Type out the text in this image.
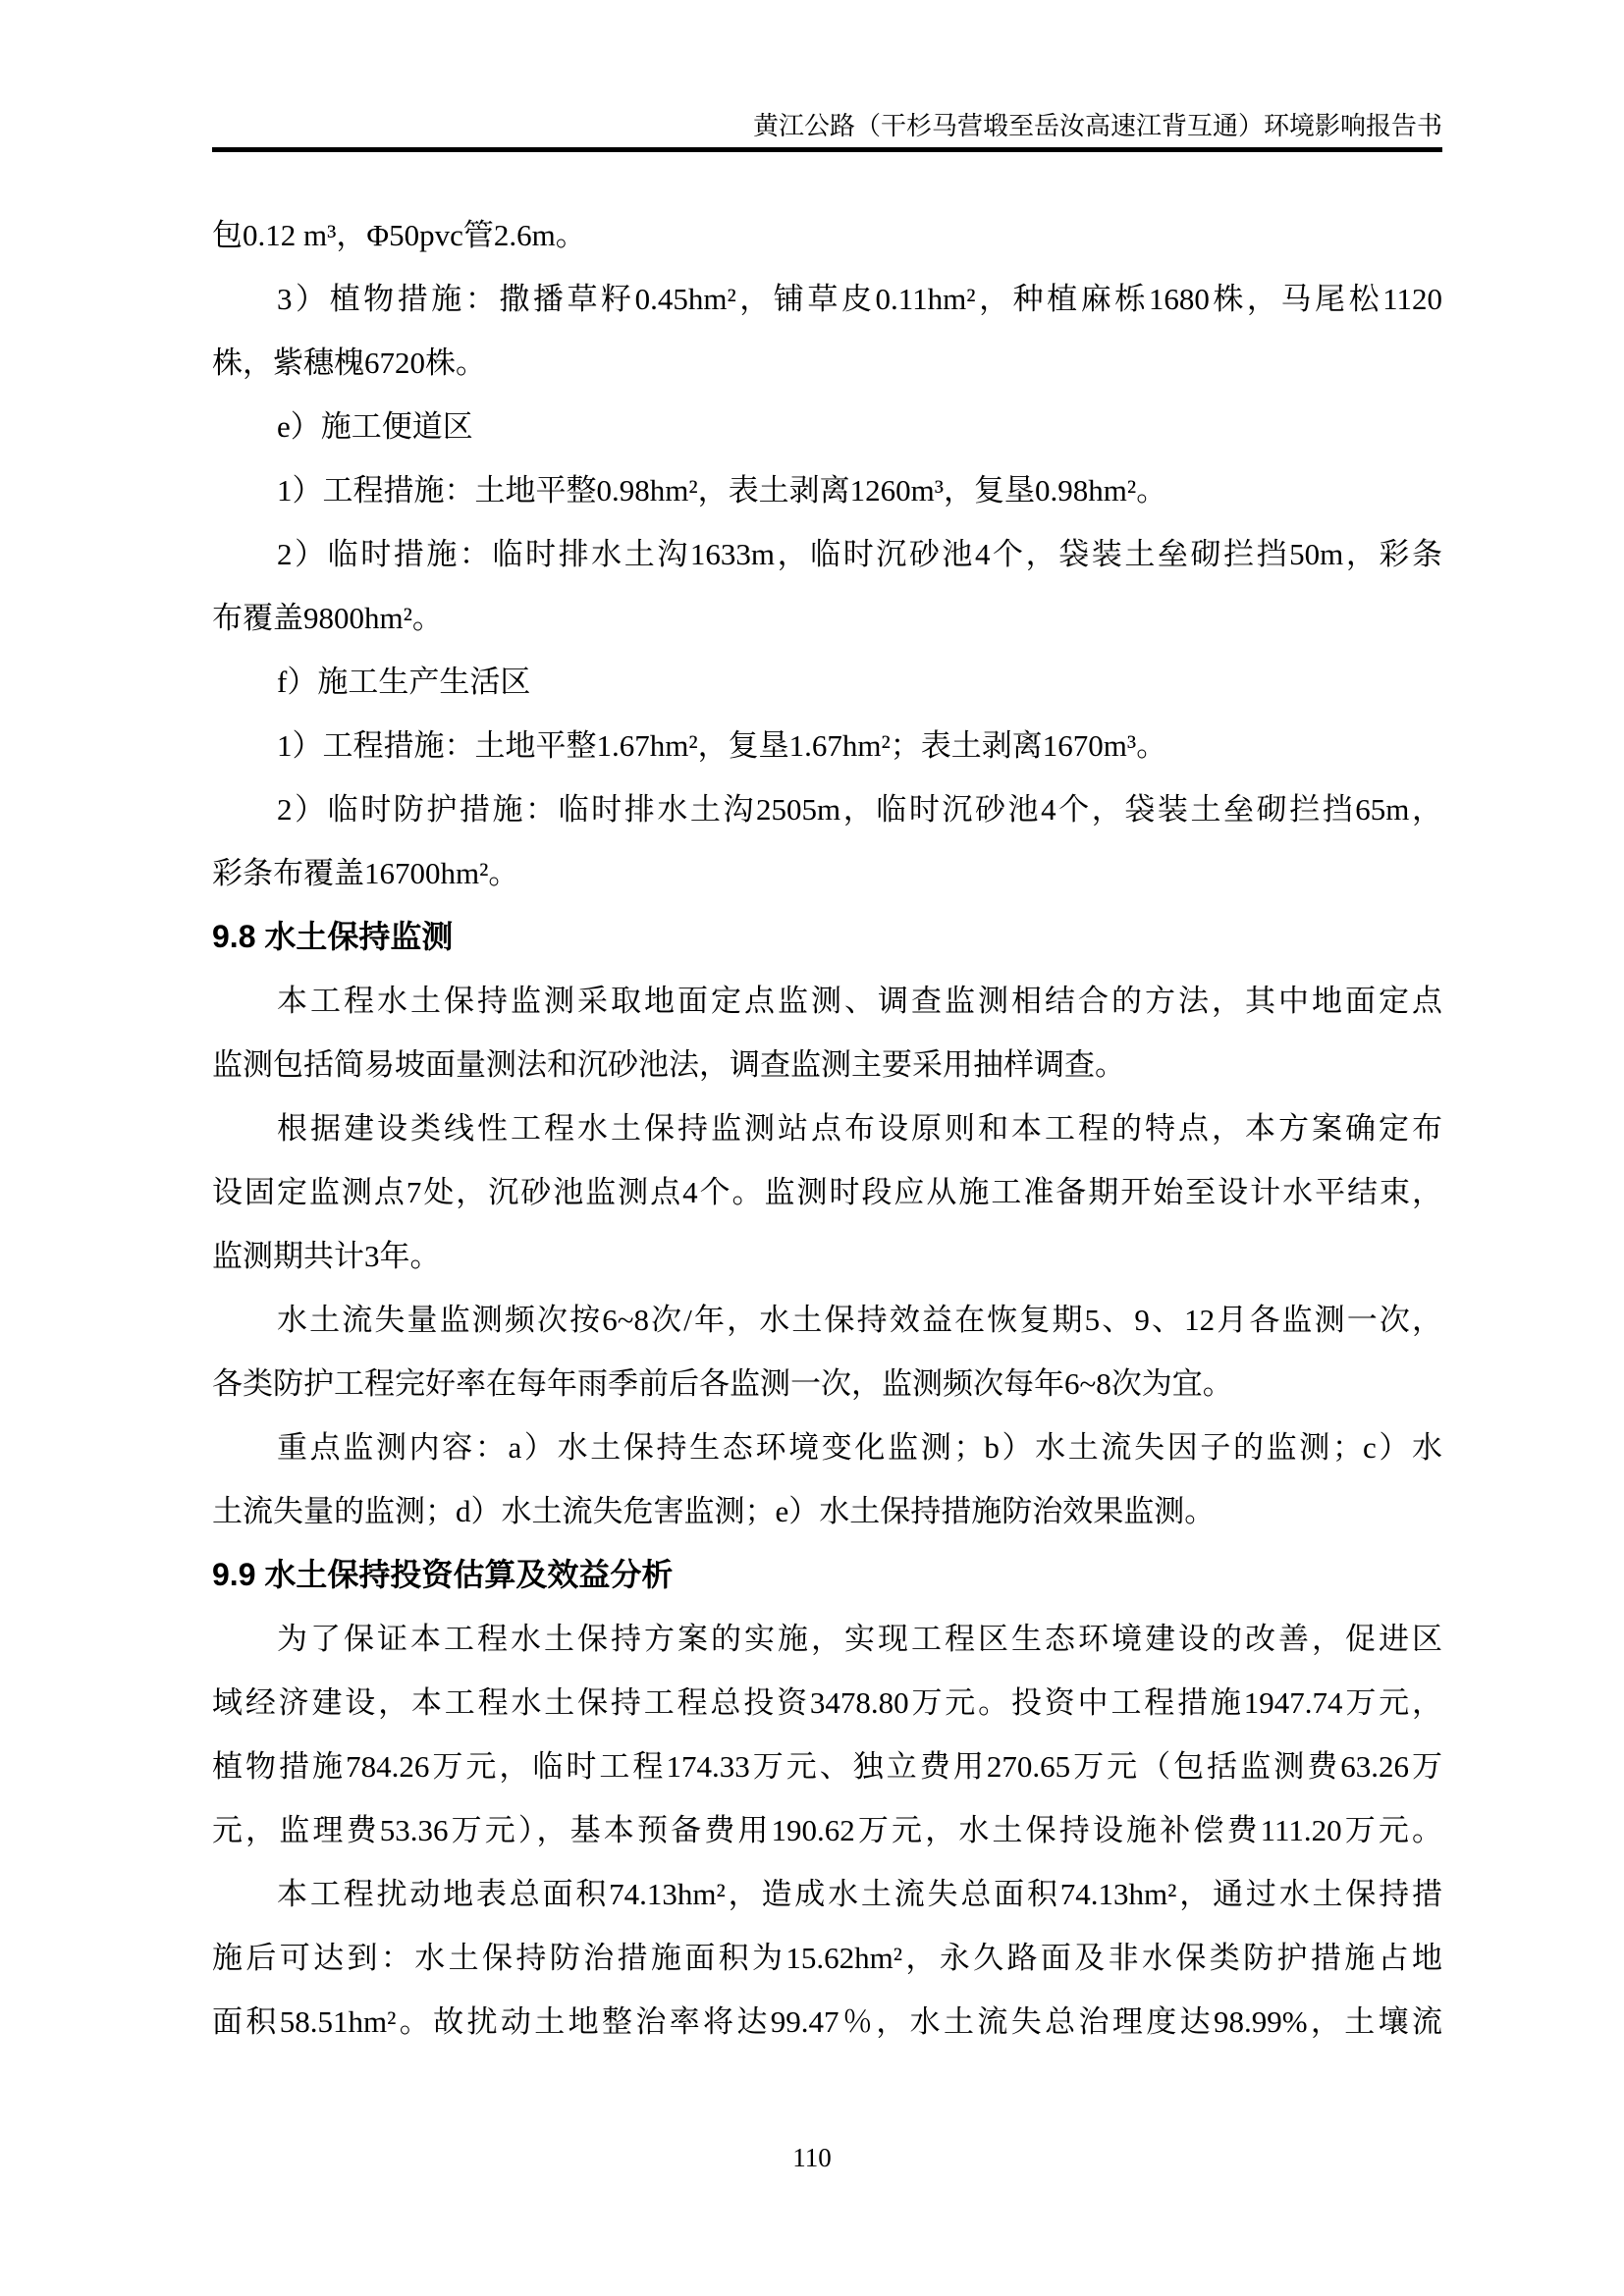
黄江公路（干杉马营塅至岳汝高速江背互通）环境影响报告书
包0.12 m³，Φ50pvc管2.6m。
3）植物措施：撒播草籽0.45hm²，铺草皮0.11hm²，种植麻栎1680株，马尾松1120
株，紫穗槐6720株。
e）施工便道区
1）工程措施：土地平整0.98hm²，表土剥离1260m³，复垦0.98hm²。
2）临时措施：临时排水土沟1633m，临时沉砂池4个，袋装土垒砌拦挡50m，彩条
布覆盖9800hm²。
f）施工生产生活区
1）工程措施：土地平整1.67hm²，复垦1.67hm²；表土剥离1670m³。
2）临时防护措施：临时排水土沟2505m，临时沉砂池4个，袋装土垒砌拦挡65m，
彩条布覆盖16700hm²。
9.8 水土保持监测
本工程水土保持监测采取地面定点监测、调查监测相结合的方法，其中地面定点
监测包括简易坡面量测法和沉砂池法，调查监测主要采用抽样调查。
根据建设类线性工程水土保持监测站点布设原则和本工程的特点，本方案确定布
设固定监测点7处，沉砂池监测点4个。监测时段应从施工准备期开始至设计水平结束，
监测期共计3年。
水土流失量监测频次按6~8次/年，水土保持效益在恢复期5、9、12月各监测一次，
各类防护工程完好率在每年雨季前后各监测一次，监测频次每年6~8次为宜。
重点监测内容：a）水土保持生态环境变化监测；b）水土流失因子的监测；c）水
土流失量的监测；d）水土流失危害监测；e）水土保持措施防治效果监测。
9.9 水土保持投资估算及效益分析
为了保证本工程水土保持方案的实施，实现工程区生态环境建设的改善，促进区
域经济建设，本工程水土保持工程总投资3478.80万元。投资中工程措施1947.74万元，
植物措施784.26万元，临时工程174.33万元、独立费用270.65万元（包括监测费63.26万
元，监理费53.36万元），基本预备费用190.62万元，水土保持设施补偿费111.20万元。
本工程扰动地表总面积74.13hm²，造成水土流失总面积74.13hm²，通过水土保持措
施后可达到：水土保持防治措施面积为15.62hm²，永久路面及非水保类防护措施占地
面积58.51hm²。故扰动土地整治率将达99.47％，水土流失总治理度达98.99%，土壤流
110
